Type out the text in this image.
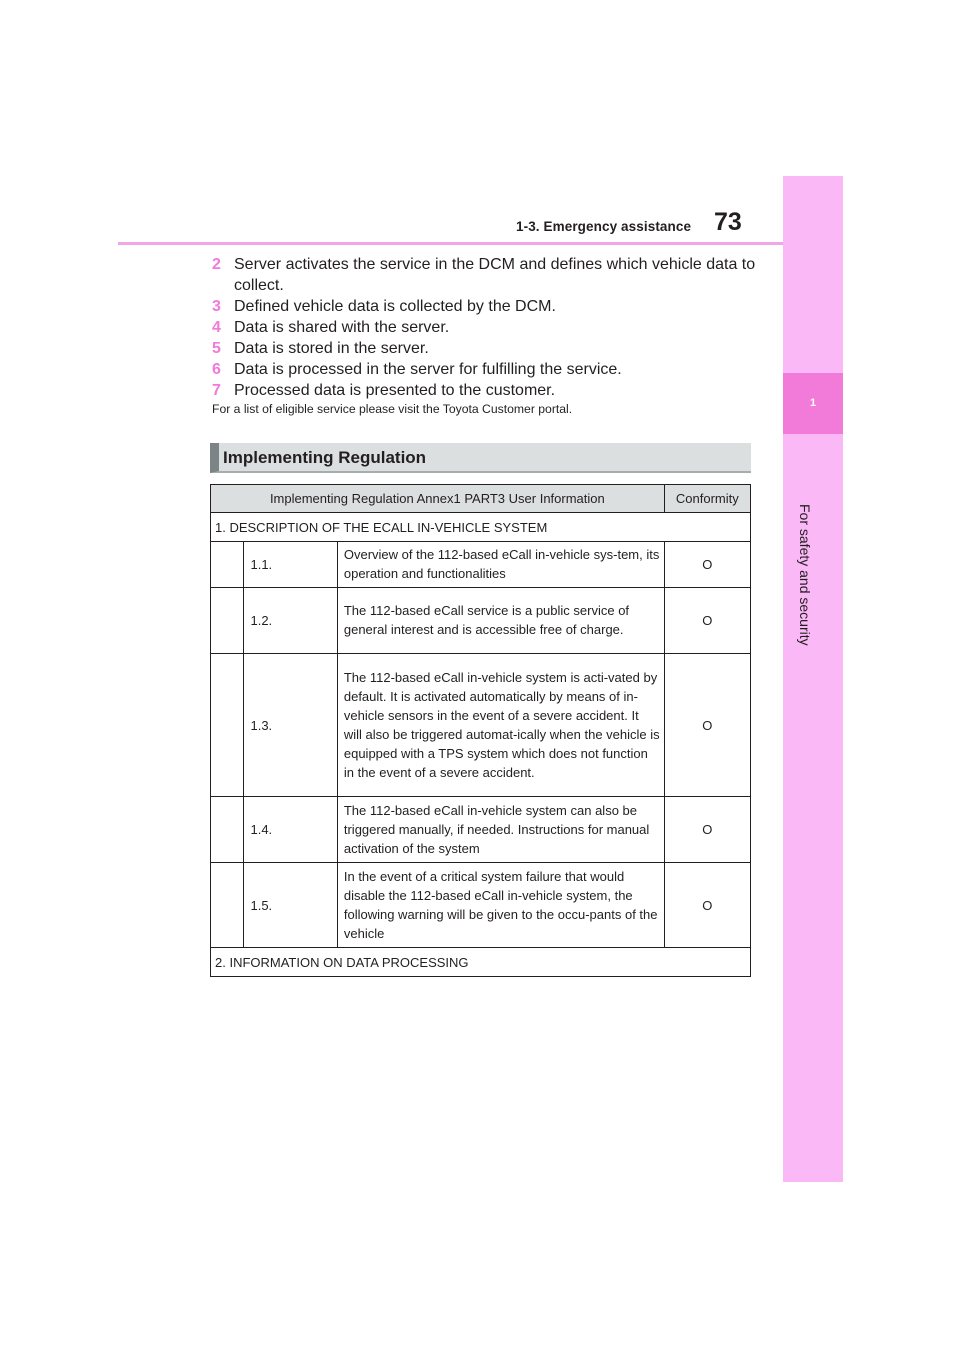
1-3. Emergency assistance 73
1
For safety and security
2 Server activates the service in the DCM and defines which vehicle data to collect.
3 Defined vehicle data is collected by the DCM.
4 Data is shared with the server.
5 Data is stored in the server.
6 Data is processed in the server for fulfilling the service.
7 Processed data is presented to the customer.
For a list of eligible service please visit the Toyota Customer portal.
Implementing Regulation
Implementing Regulation Annex1 PART3 User Information			Conformity
1. DESCRIPTION OF THE ECALL IN-VEHICLE SYSTEM			
	1.1.	Overview of the 112-based eCall in-vehicle sys-tem, its operation and functionalities	O
	1.2.	The 112-based eCall service is a public service of general interest and is accessible free of charge.	O
	1.3.	The 112-based eCall in-vehicle system is acti-vated by default. It is activated automatically by means of in-vehicle sensors in the event of a severe accident. It will also be triggered automat-ically when the vehicle is equipped with a TPS system which does not function in the event of a severe accident.	O
	1.4.	The 112-based eCall in-vehicle system can also be triggered manually, if needed. Instructions for manual activation of the system	O
	1.5.	In the event of a critical system failure that would disable the 112-based eCall in-vehicle system, the following warning will be given to the occu-pants of the vehicle	O
2. INFORMATION ON DATA PROCESSING			
